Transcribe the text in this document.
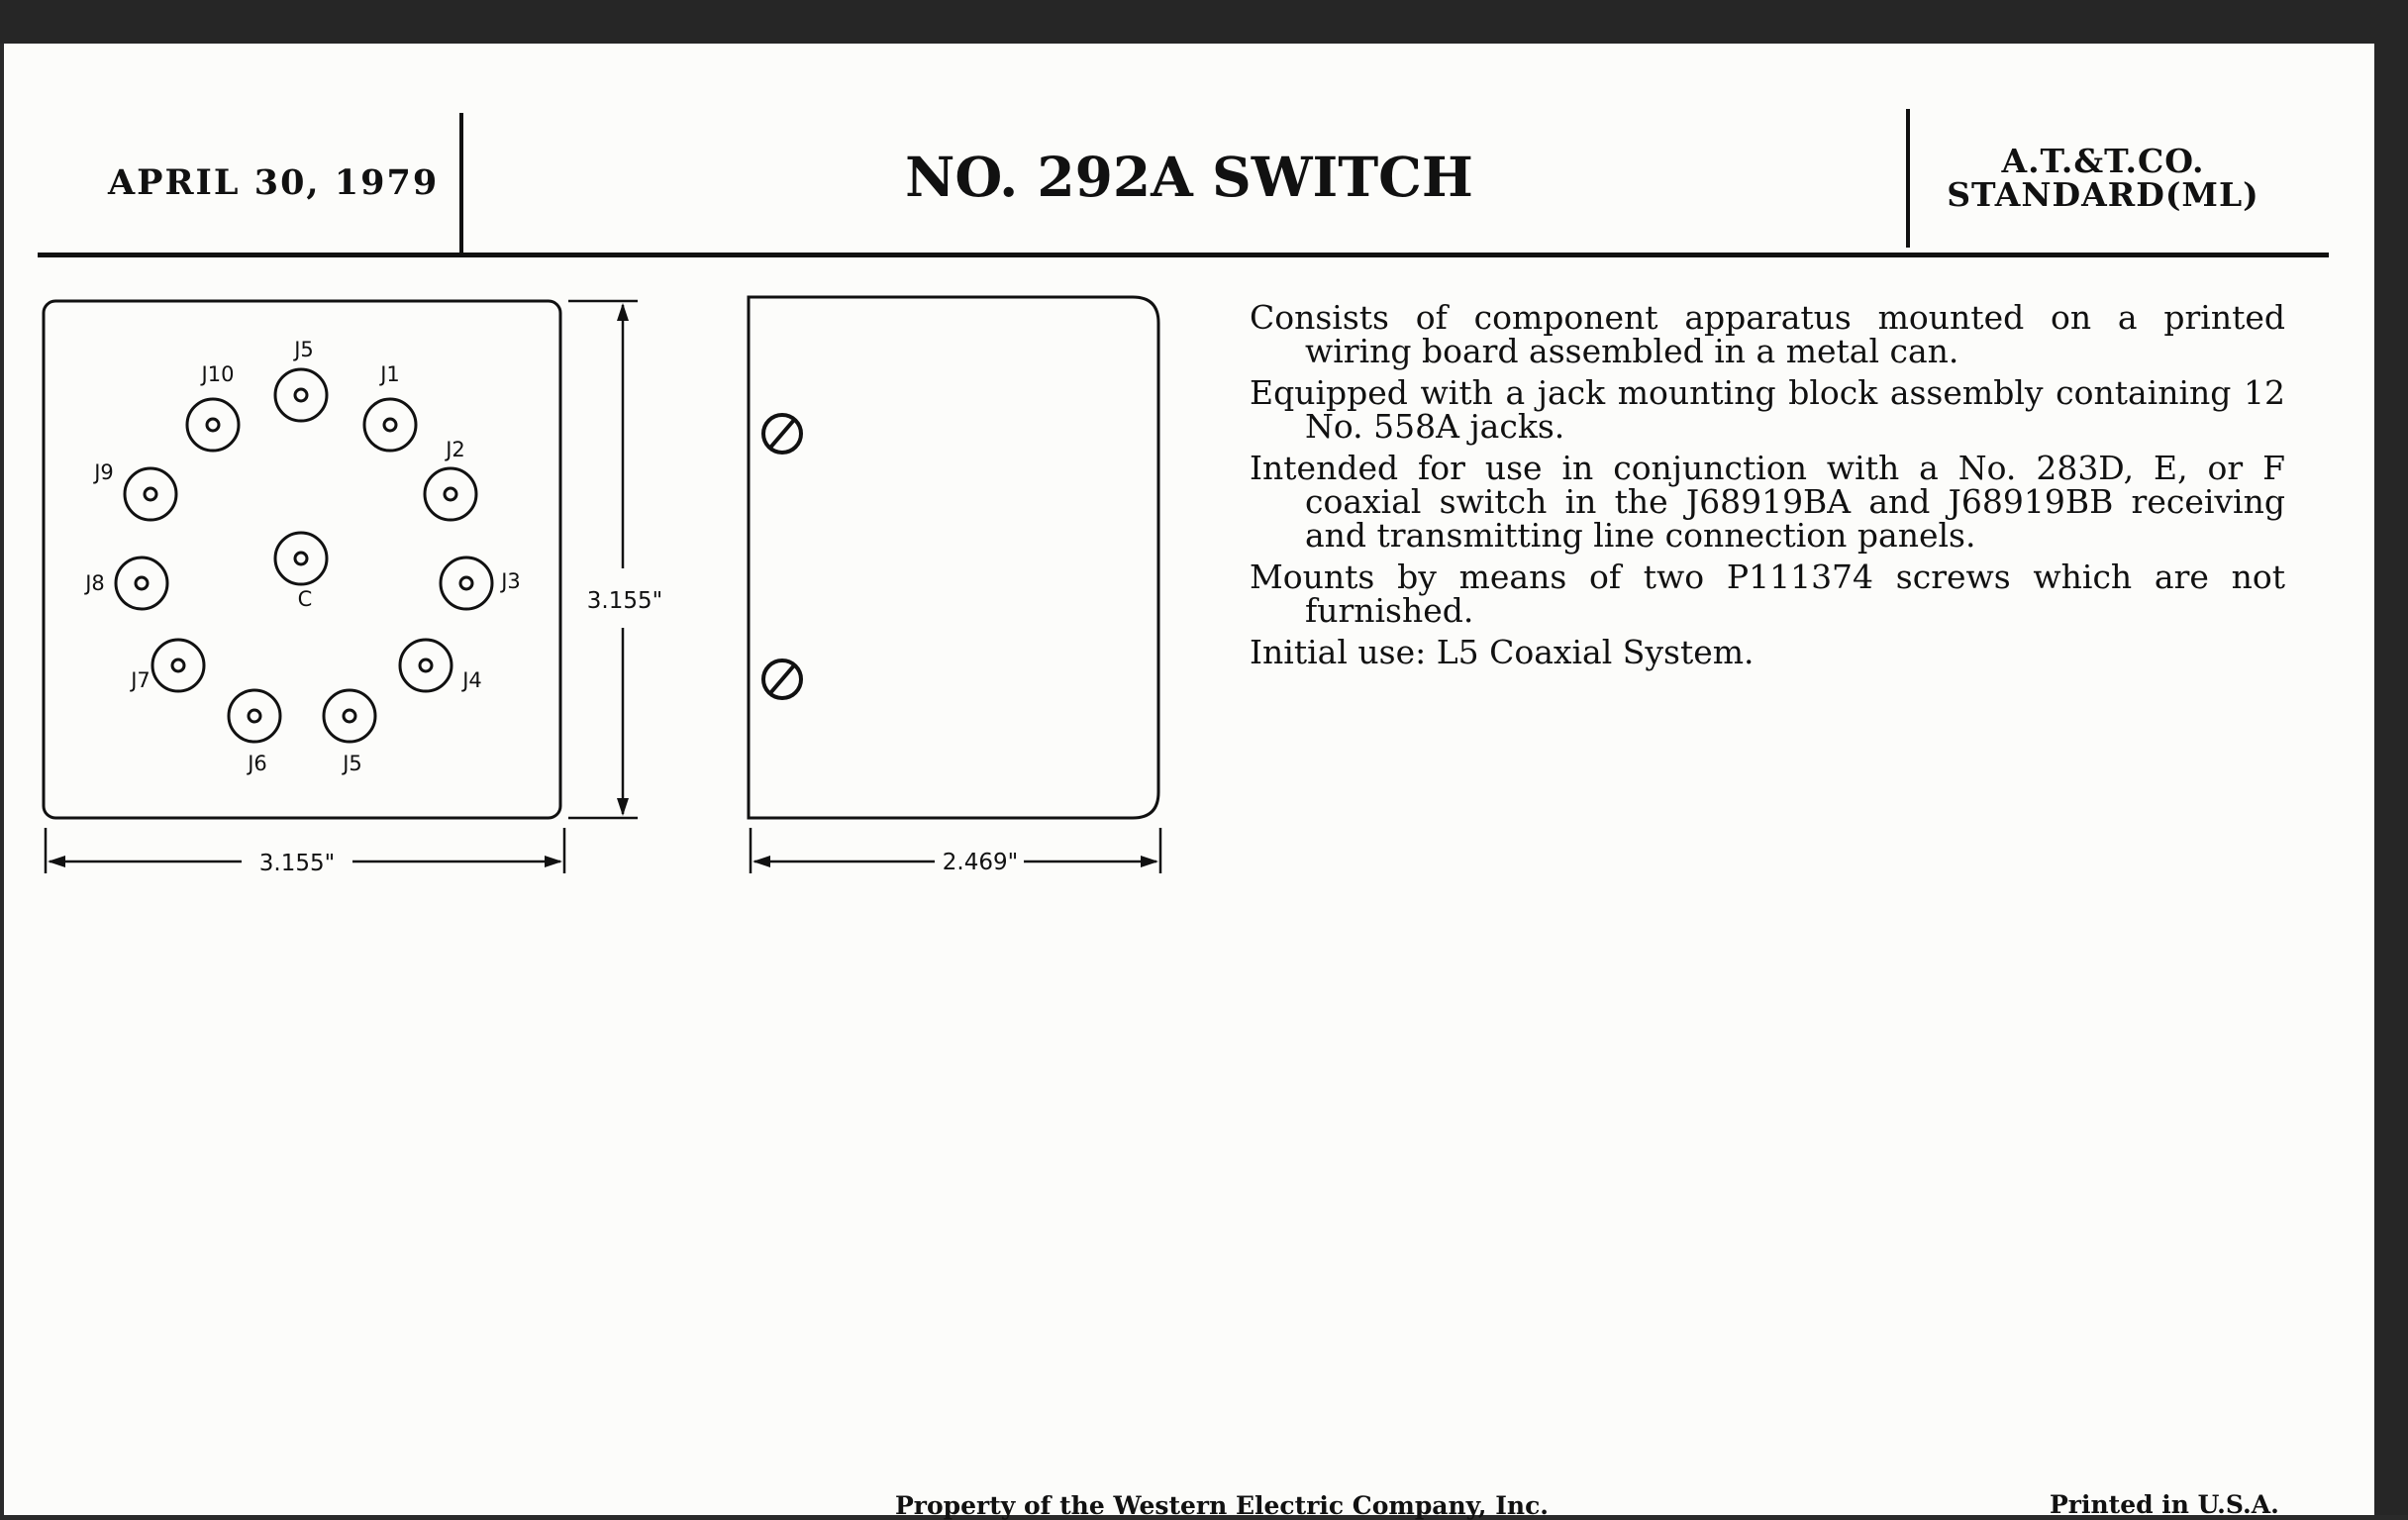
APRIL 30, 1979	NO. 292A SWITCH	A.T.&T.CO.
STANDARD(ML)
J5
J1
J10
J9
J2
C
J8	J3
J7	J4
J6	J5
3.155"
3.155"
2.469"
Consists of component apparatus mounted on a printed wiring board assembled in a metal can.
Equipped with a jack mounting block assembly containing 12 No. 558A jacks.
Intended for use in conjunction with a No. 283D, E, or F coaxial switch in the J68919BA and J68919BB receiving and transmitting line connection panels.
Mounts by means of two P111374 screws which are not furnished.
Initial use: L5 Coaxial System.
Property of the Western Electric Company, Inc.	Printed in U.S.A.
